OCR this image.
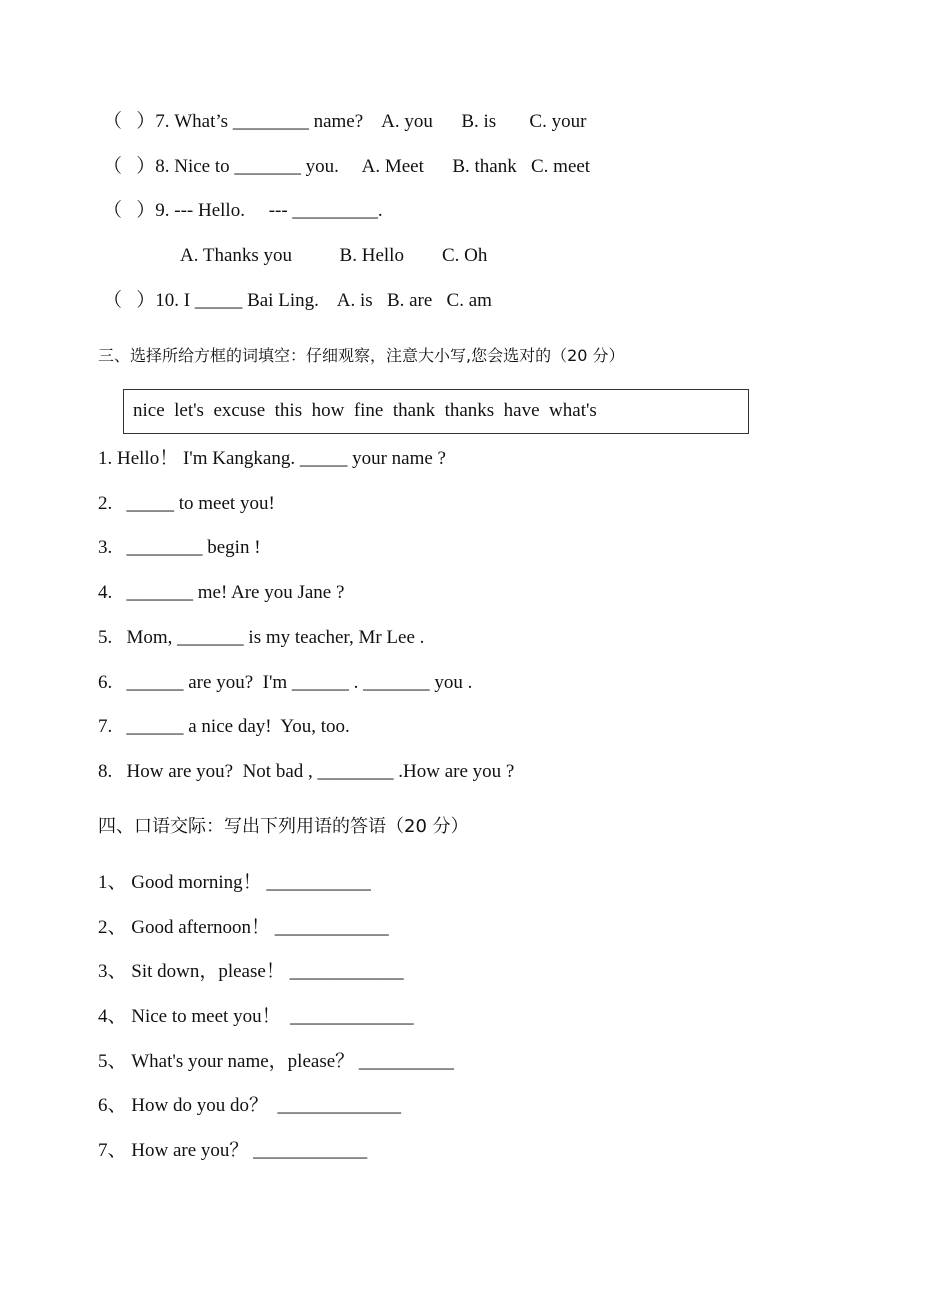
（   ）7. What’s ________ name?    A. you      B. is       C. your
（   ）8. Nice to _______ you.     A. Meet      B. thank   C. meet
（   ）9. --- Hello.     --- _________.
A. Thanks you          B. Hello        C. Oh
（   ）10. I _____ Bai Ling.    A. is   B. are   C. am
三、选择所给方框的词填空：仔细观察，注意大小写,您会选对的（20 分）
nice  let's  excuse  this  how  fine  thank  thanks  have  what's
1. Hello！ I'm Kangkang. _____ your name ?
2.   _____ to meet you!
3.   ________ begin !
4.   _______ me! Are you Jane ?
5.   Mom, _______ is my teacher, Mr Lee .
6.   ______ are you?  I'm ______ . _______ you .
7.   ______ a nice day!  You, too.
8.   How are you?  Not bad , ________ .How are you ?
四、口语交际：写出下列用语的答语（20 分）
1、 Good morning！ ___________
2、 Good afternoon！ ____________
3、 Sit down，please！ ____________
4、 Nice to meet you！  _____________
5、 What's your name，please？ __________
6、 How do you do？  _____________
7、 How are you？ ____________
